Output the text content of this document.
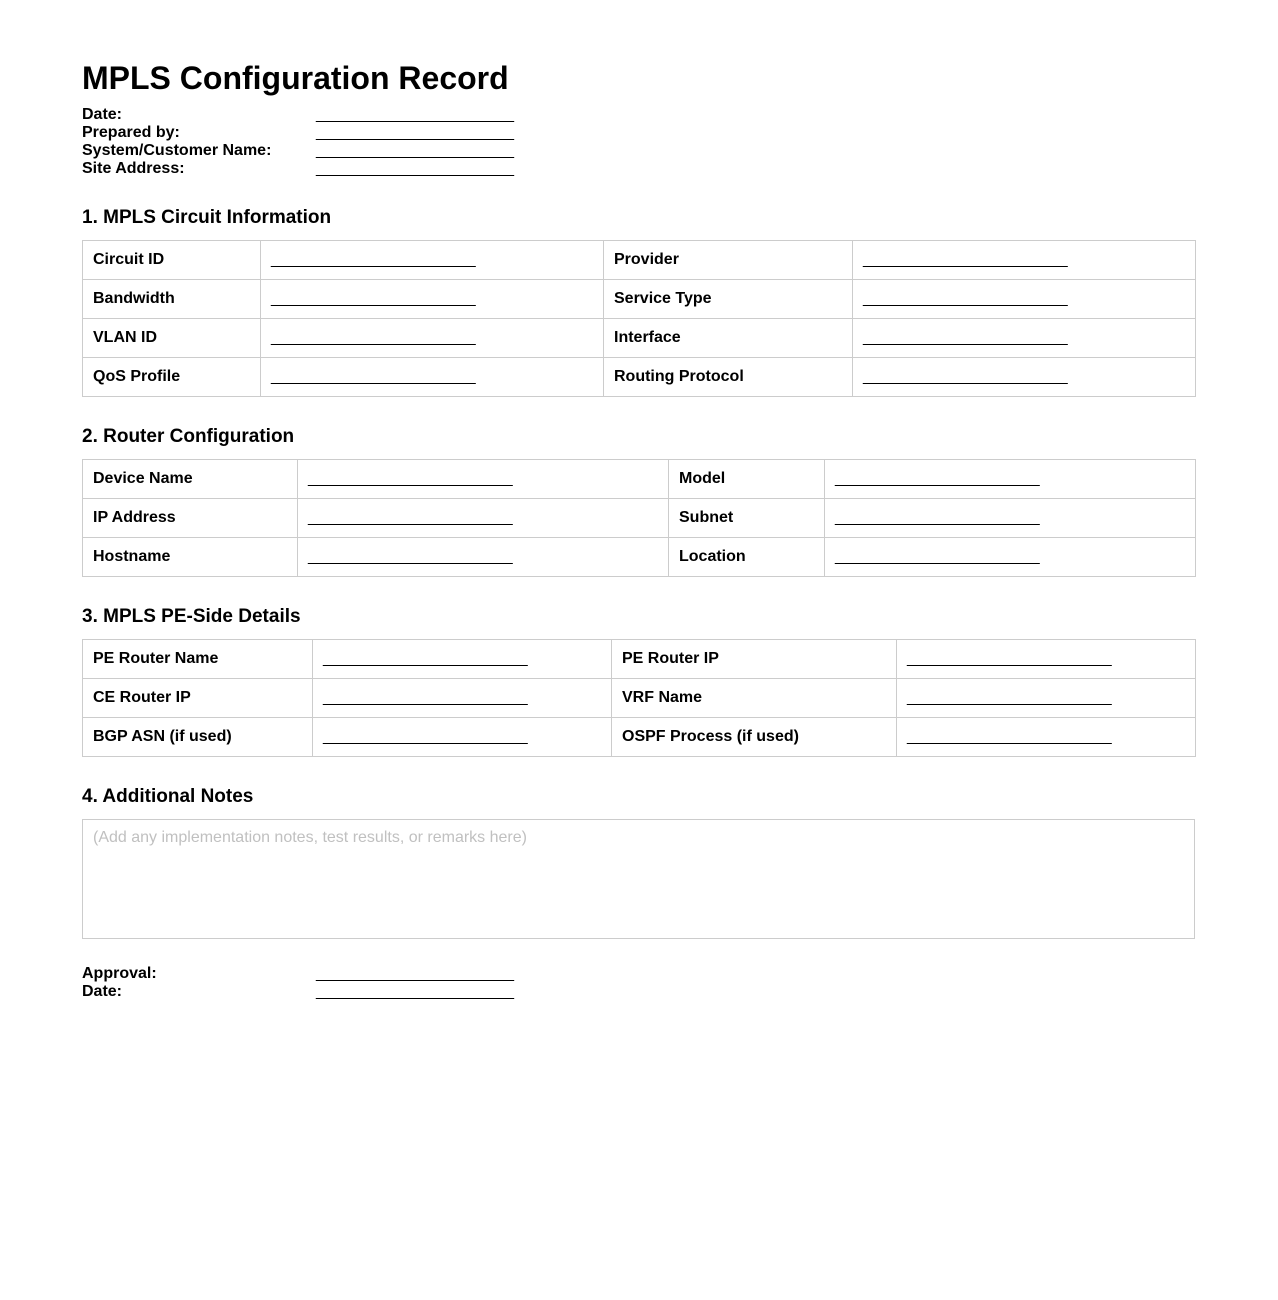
MPLS Configuration Record
Date:	_______________________
Prepared by:	_______________________
System/Customer Name:	_______________________
Site Address:	_______________________
1. MPLS Circuit Information
Circuit ID	_______________________	Provider	_______________________
Bandwidth	_______________________	Service Type	_______________________
VLAN ID	_______________________	Interface	_______________________
QoS Profile	_______________________	Routing Protocol	_______________________
2. Router Configuration
Device Name	_______________________	Model	_______________________
IP Address	_______________________	Subnet	_______________________
Hostname	_______________________	Location	_______________________
3. MPLS PE-Side Details
PE Router Name	_______________________	PE Router IP	_______________________
CE Router IP	_______________________	VRF Name	_______________________
BGP ASN (if used)	_______________________	OSPF Process (if used)	_______________________
4. Additional Notes
(Add any implementation notes, test results, or remarks here)
Approval:	_______________________
Date:	_______________________
